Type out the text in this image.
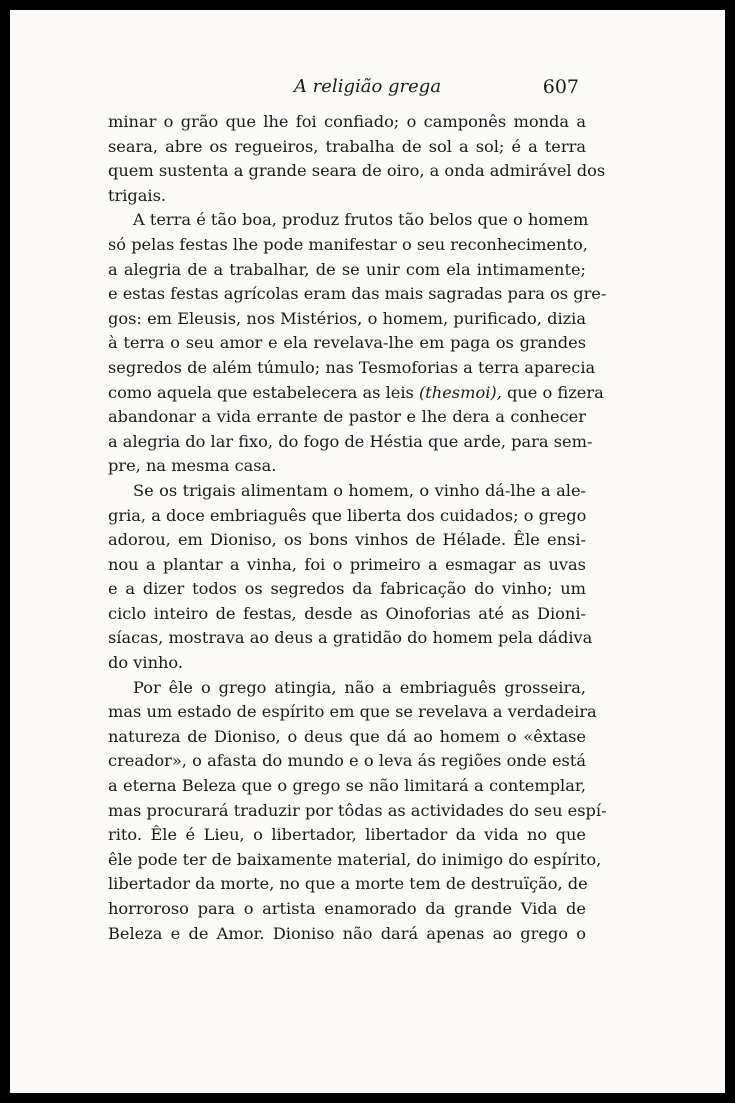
A religião grega	607
minar o grão que lhe foi confiado; o camponês monda a
seara, abre os regueiros, trabalha de sol a sol; é a terra
quem sustenta a grande seara de oiro, a onda admirável dos
trigais.
A terra é tão boa, produz frutos tão belos que o homem
só pelas festas lhe pode manifestar o seu reconhecimento,
a alegria de a trabalhar, de se unir com ela intimamente;
e estas festas agrícolas eram das mais sagradas para os gre-
gos: em Eleusis, nos Mistérios, o homem, purificado, dizia
à terra o seu amor e ela revelava-lhe em paga os grandes
segredos de além túmulo; nas Tesmoforias a terra aparecia
como aquela que estabelecera as leis (thesmoi), que o fizera
abandonar a vida errante de pastor e lhe dera a conhecer
a alegria do lar fixo, do fogo de Héstia que arde, para sem-
pre, na mesma casa.
Se os trigais alimentam o homem, o vinho dá-lhe a ale-
gria, a doce embriaguês que liberta dos cuidados; o grego
adorou, em Dioniso, os bons vinhos de Hélade. Êle ensi-
nou a plantar a vinha, foi o primeiro a esmagar as uvas
e a dizer todos os segredos da fabricação do vinho; um
ciclo inteiro de festas, desde as Oinoforias até as Dioni-
síacas, mostrava ao deus a gratidão do homem pela dádiva
do vinho.
Por êle o grego atingia, não a embriaguês grosseira,
mas um estado de espírito em que se revelava a verdadeira
natureza de Dioniso, o deus que dá ao homem o «êxtase
creador», o afasta do mundo e o leva ás regiões onde está
a eterna Beleza que o grego se não limitará a contemplar,
mas procurará traduzir por tôdas as actividades do seu espí-
rito. Êle é Lieu, o libertador, libertador da vida no que
êle pode ter de baixamente material, do inimigo do espírito,
libertador da morte, no que a morte tem de destruïção, de
horroroso para o artista enamorado da grande Vida de
Beleza e de Amor. Dioniso não dará apenas ao grego o
